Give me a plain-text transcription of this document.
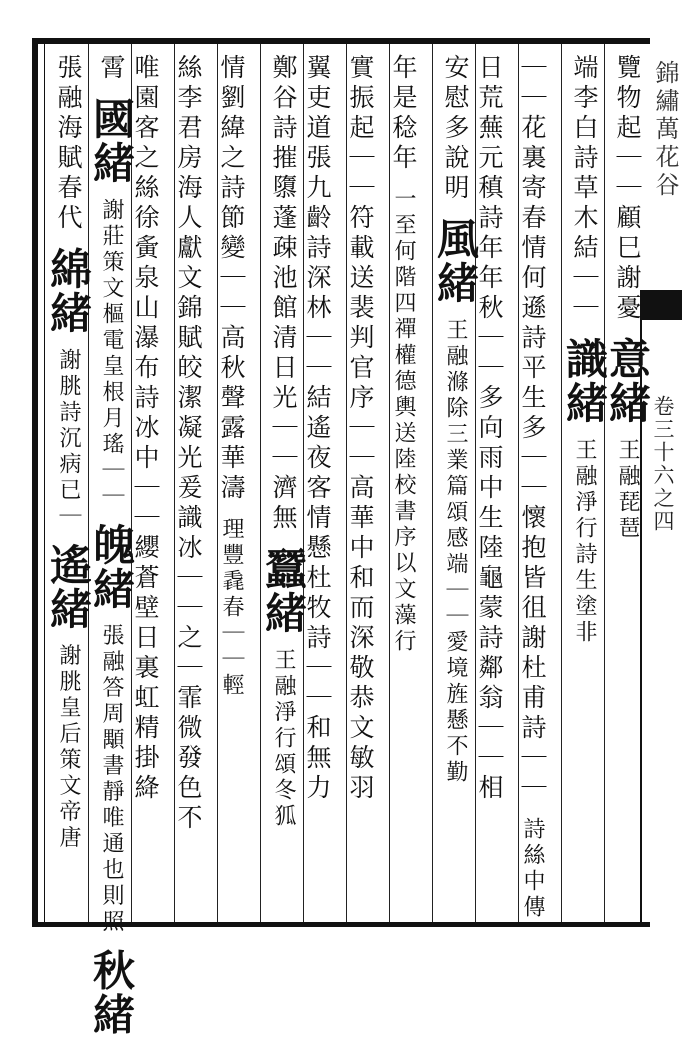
錦繡萬花谷
卷三十六之四
覽物起｜｜顧巳謝憂 意緒 王融琵琶
端李白詩草木結｜｜ 識緒 王融淨行詩生塗非
｜｜花裏寄春情何遜詩平生多｜｜懷抱皆徂謝杜甫詩｜｜ 詩絲中傳
日荒蕪元稹詩年年秋｜｜多向雨中生陸龜蒙詩鄰翁｜｜相
安慰多說明 風緒 王融滌除三業篇頌感端｜｜愛境旌懸不勤
年是稔年 一至何階四禪權德輿送陸校書序以文藻行
實振起｜｜符載送裴判官序｜｜高華中和而深敬恭文敏羽
翼吏道張九齡詩深林｜｜結遙夜客情懸杜牧詩｜｜和無力
鄭谷詩摧隳蓬疎池館清日光｜｜濟無 蠶緒 王融淨行頌冬狐
情劉緯之詩節變｜｜高秋聲露華濤 理豐毳春｜｜輕
絲李君房海人獻文錦賦皎潔凝光爰識冰｜｜之｜霏微發色不
唯園客之絲徐夤泉山瀑布詩冰中｜｜纓蒼壁日裏虹精掛絳
霄 國緒 謝莊策文樞電皇根月瑤｜｜ 魄緒 張融答周顒書靜唯通也則照 秋緒
張融海賦春代 綿緒 謝朓詩沉病已｜ 遙緒 謝朓皇后策文帝唐
